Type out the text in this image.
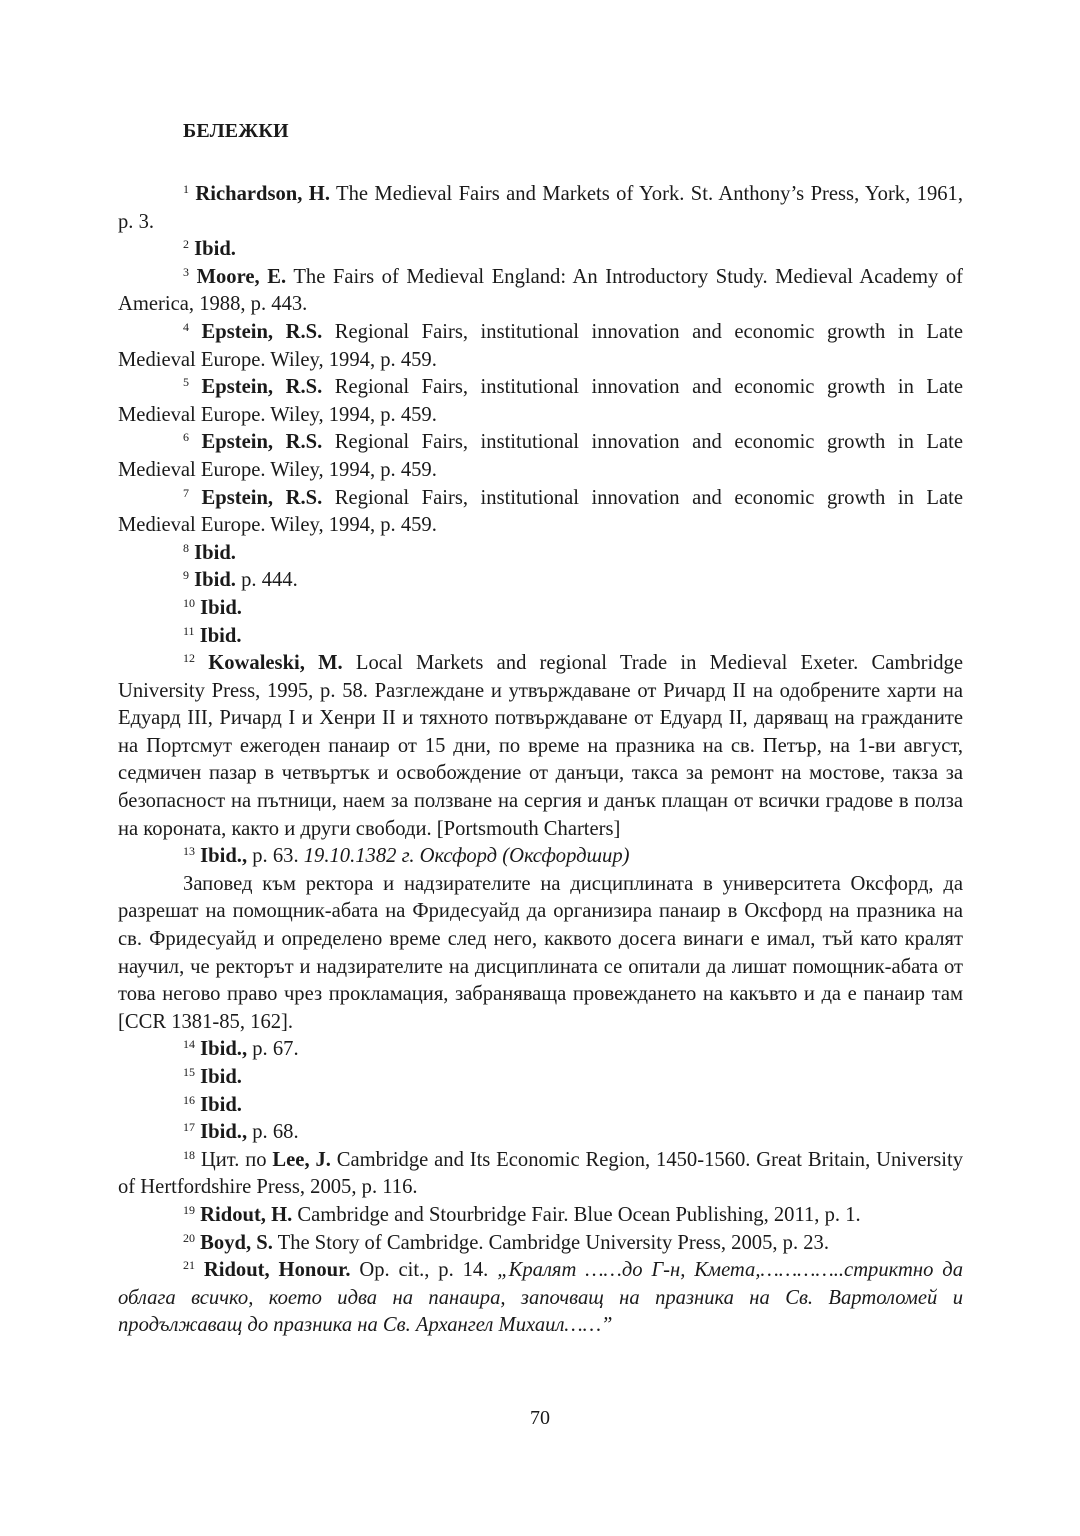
БЕЛЕЖКИ

$^1$ Richardson, H. The Medieval Fairs and Markets of York. St. Anthony’s Press, York, 1961, p. 3.

$^2$ Ibid.

$^3$ Moore, E. The Fairs of Medieval England: An Introductory Study. Medieval Academy of America, 1988, p. 443.

$^4$ Epstein, R.S. Regional Fairs, institutional innovation and economic growth in Late Medieval Europe. Wiley, 1994, p. 459.

$^5$ Epstein, R.S. Regional Fairs, institutional innovation and economic growth in Late Medieval Europe. Wiley, 1994, p. 459.

$^6$ Epstein, R.S. Regional Fairs, institutional innovation and economic growth in Late Medieval Europe. Wiley, 1994, p. 459.

$^7$ Epstein, R.S. Regional Fairs, institutional innovation and economic growth in Late Medieval Europe. Wiley, 1994, p. 459.

$^8$ Ibid.

$^9$ Ibid. p. 444.

$^{10}$ Ibid.

$^{11}$ Ibid.

$^{12}$ Kowaleski, M. Local Markets and regional Trade in Medieval Exeter. Cambridge University Press, 1995, p. 58. Разглеждане и утвърждаване от Ричард II на одобрените харти на Едуард III, Ричард I и Хенри II и тяхното потвърждаване от Едуард II, даряващ на гражданите на Портсмут ежегоден панаир от 15 дни, по време на празника на св. Петър, на 1-ви август, седмичен пазар в четвъртък и освобождение от данъци, такса за ремонт на мостове, такза за безопасност на пътници, наем за ползване на сергия и данък плащан от всички градове в полза на короната, както и други свободи. [Portsmouth Charters]

$^{13}$ Ibid., p. 63. 19.10.1382 г. Оксфорд (Оксфордшир)

Заповед към ректора и надзирателите на дисциплината в университета Оксфорд, да разрешат на помощник-абата на Фридесуайд да организира панаир в Оксфорд на празника на св. Фридесуайд и определено време след него, каквото досега винаги е имал, тъй като кралят научил, че ректорът и надзирателите на дисциплината се опитали да лишат помощник-абата от това негово право чрез прокламация, забраняваща провеждането на какъвто и да е панаир там [CCR 1381-85, 162].

$^{14}$ Ibid., p. 67.

$^{15}$ Ibid.

$^{16}$ Ibid.

$^{17}$ Ibid., p. 68.

$^{18}$ Цит. по Lee, J. Cambridge and Its Economic Region, 1450-1560. Great Britain, University of Hertfordshire Press, 2005, p. 116.

$^{19}$ Ridout, H. Cambridge and Stourbridge Fair. Blue Ocean Publishing, 2011, p. 1.

$^{20}$ Boyd, S. The Story of Cambridge. Cambridge University Press, 2005, p. 23.

$^{21}$ Ridout, Honour. Op. cit., p. 14. „Кралят ……до Г-н, Кмета,…………..стриктно да облага всичко, което идва на панаира, започващ на празника на Св. Вартоломей и продължаващ до празника на Св. Архангел Михаил……”

70
